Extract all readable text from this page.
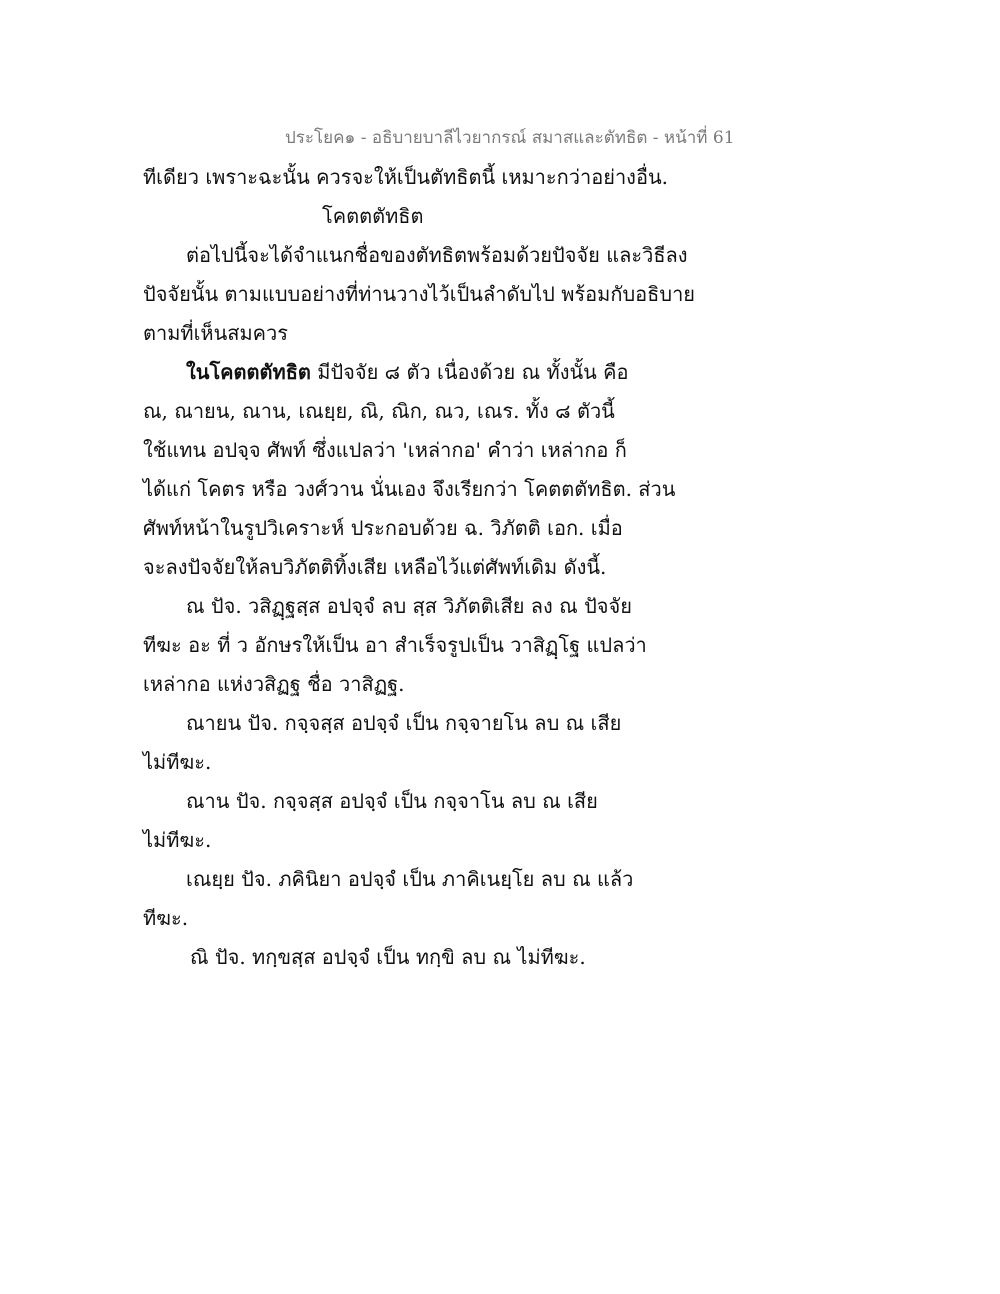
ประโยค๑ - อธิบายบาลีไวยากรณ์ สมาสและตัทธิต - หน้าที่ 61
ทีเดียว เพราะฉะนั้น ควรจะให้เป็นตัทธิตนี้ เหมาะกว่าอย่างอื่น.
โคตตตัทธิต
ต่อไปนี้จะได้จำแนกชื่อของตัทธิตพร้อมด้วยปัจจัย และวิธีลง
ปัจจัยนั้น ตามแบบอย่างที่ท่านวางไว้เป็นลำดับไป พร้อมกับอธิบาย
ตามที่เห็นสมควร
ในโคตตตัทธิต มีปัจจัย ๘ ตัว เนื่องด้วย ณ ทั้งนั้น คือ
ณ, ณายน, ณาน, เณยฺย, ณิ, ณิก, ณว, เณร. ทั้ง ๘ ตัวนี้
ใช้แทน อปจฺจ ศัพท์ ซึ่งแปลว่า 'เหล่ากอ' คำว่า เหล่ากอ ก็
ได้แก่ โคตร หรือ วงศ์วาน นั่นเอง จึงเรียกว่า โคตตตัทธิต. ส่วน
ศัพท์หน้าในรูปวิเคราะห์ ประกอบด้วย ฉ. วิภัตติ เอก. เมื่อ
จะลงปัจจัยให้ลบวิภัตติทิ้งเสีย เหลือไว้แต่ศัพท์เดิม ดังนี้.
ณ ปัจ. วสิฏฺฐสฺส อปจฺจํ ลบ สฺส วิภัตติเสีย ลง ณ ปัจจัย
ทีฆะ อะ ที่ ว อักษรให้เป็น อา สำเร็จรูปเป็น วาสิฏฺโฐ แปลว่า
เหล่ากอ แห่งวสิฏฐ ชื่อ วาสิฏฐ.
ณายน ปัจ. กจฺจสฺส อปจฺจํ เป็น กจฺจายโน ลบ ณ เสีย
ไม่ทีฆะ.
ณาน ปัจ. กจฺจสฺส อปจฺจํ เป็น กจฺจาโน ลบ ณ เสีย
ไม่ทีฆะ.
เณยฺย ปัจ. ภคินิยา อปจฺจํ เป็น ภาคิเนยฺโย ลบ ณ แล้ว
ทีฆะ.
ณิ ปัจ. ทกฺขสฺส อปจฺจํ เป็น ทกฺขิ ลบ ณ ไม่ทีฆะ.
